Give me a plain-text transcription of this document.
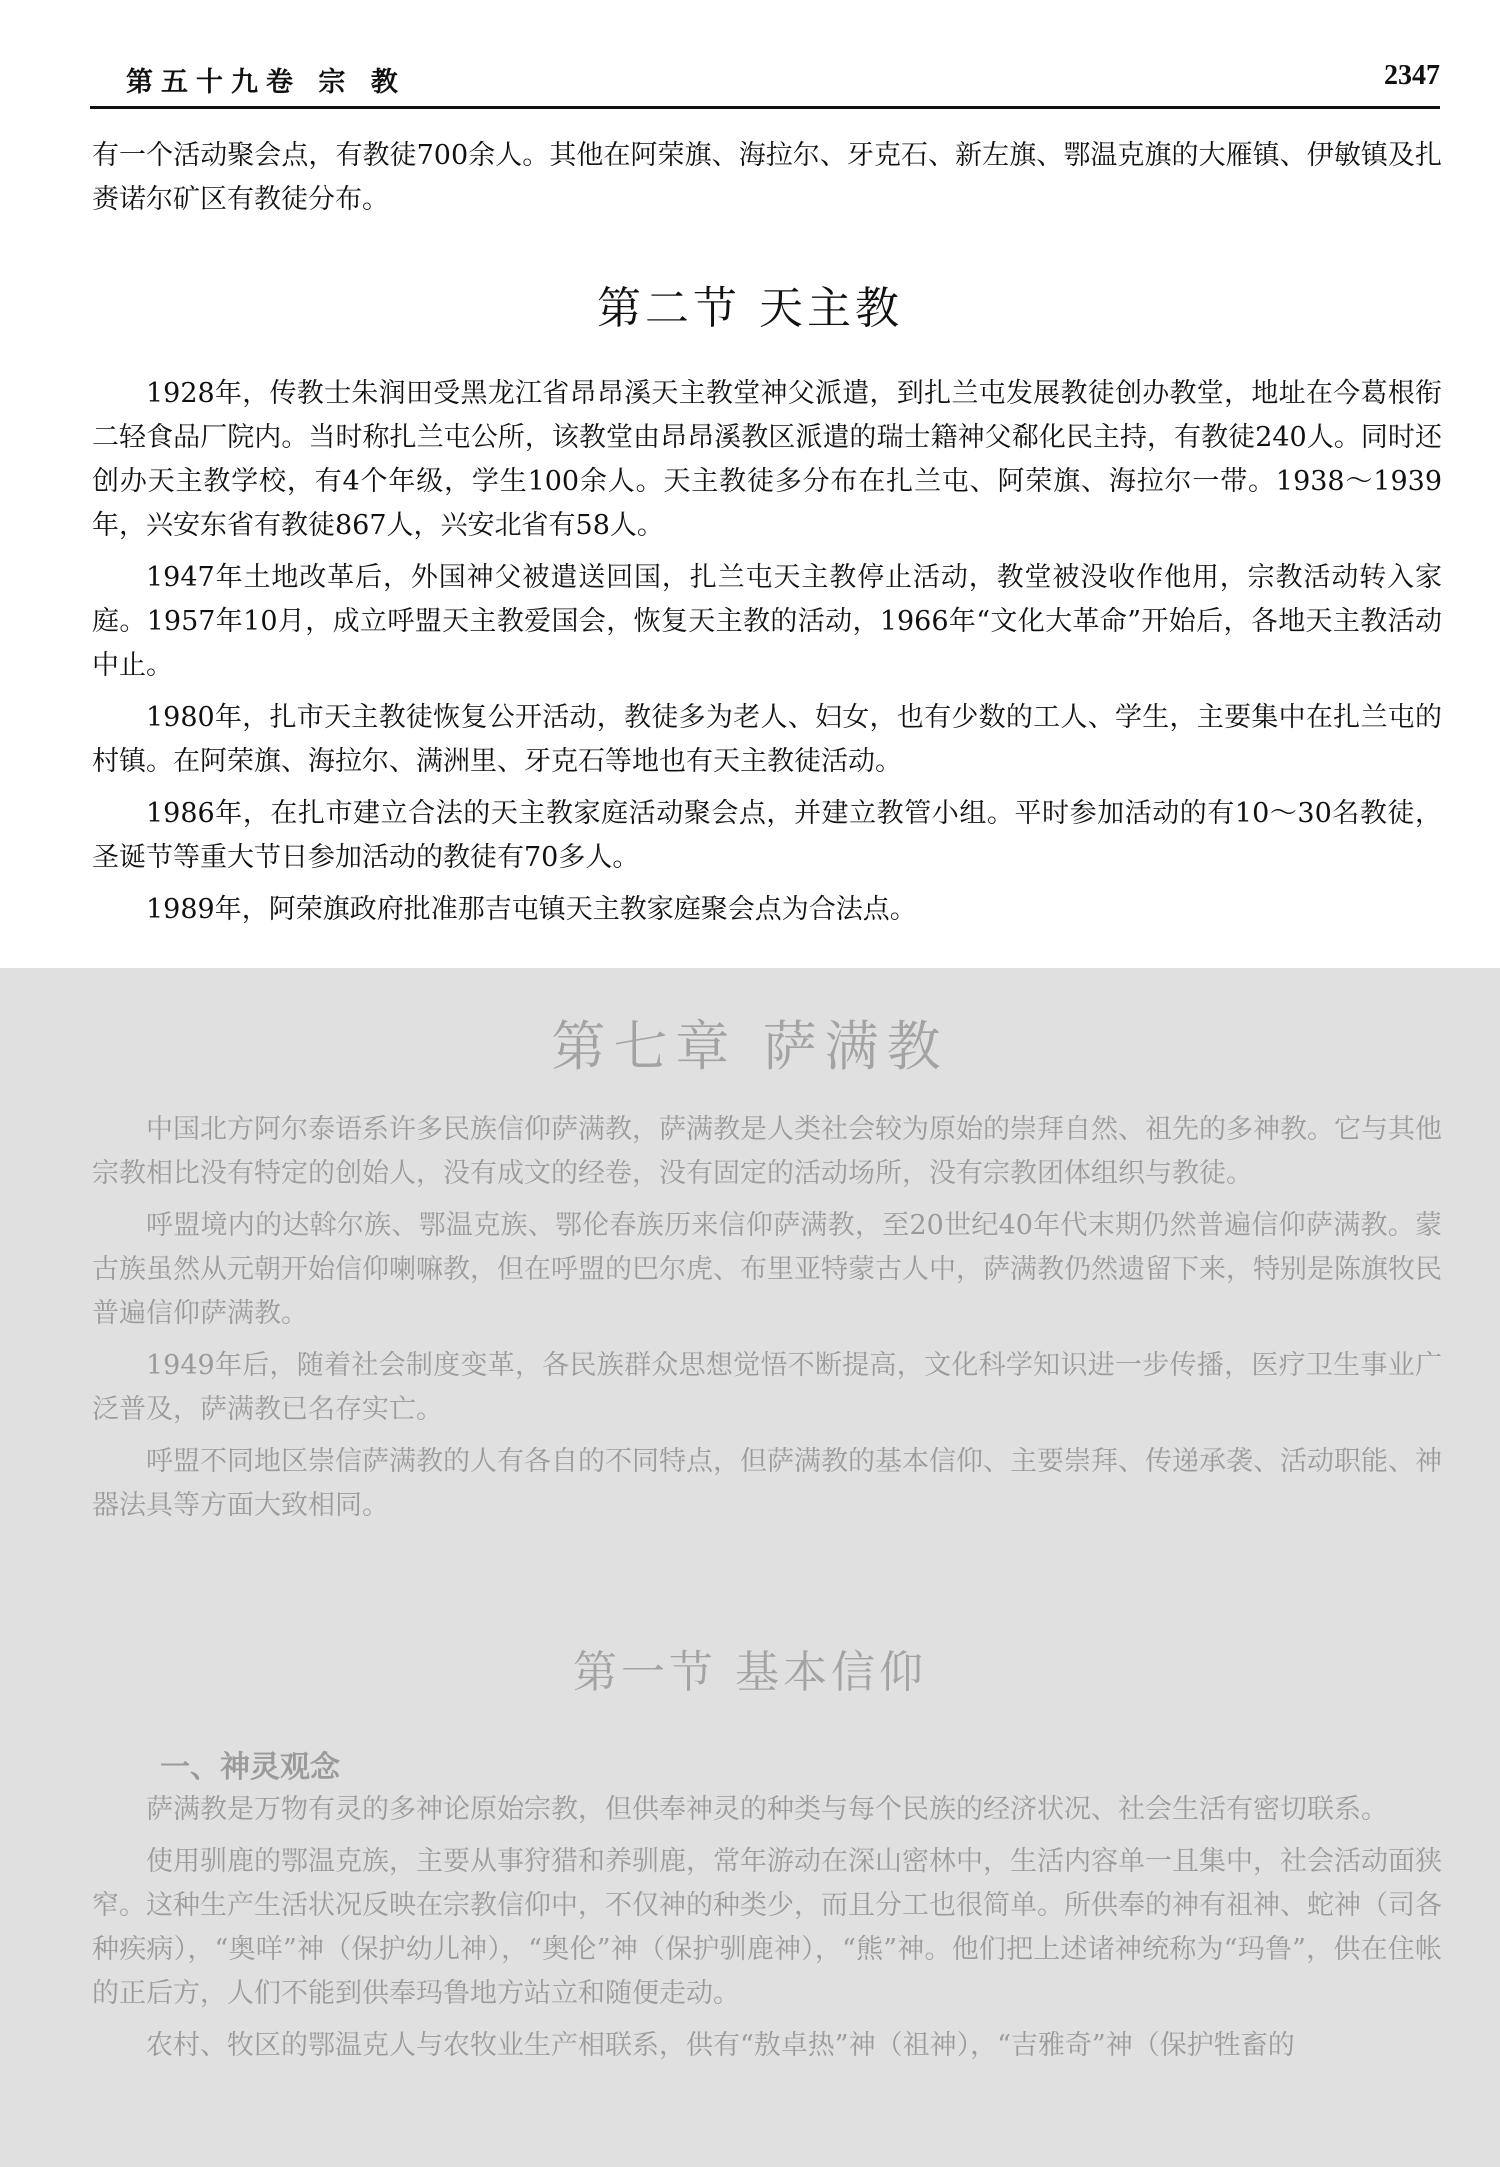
第五十九卷 宗 教	2347

有一个活动聚会点，有教徒700余人。其他在阿荣旗、海拉尔、牙克石、新左旗、鄂温克旗的大雁镇、伊敏镇及扎赉诺尔矿区有教徒分布。

第二节 天主教

1928年，传教士朱润田受黑龙江省昂昂溪天主教堂神父派遣，到扎兰屯发展教徒创办教堂，地址在今葛根衔二轻食品厂院内。当时称扎兰屯公所，该教堂由昂昂溪教区派遣的瑞士籍神父郗化民主持，有教徒240人。同时还创办天主教学校，有4个年级，学生100余人。天主教徒多分布在扎兰屯、阿荣旗、海拉尔一带。1938～1939年，兴安东省有教徒867人，兴安北省有58人。

1947年土地改革后，外国神父被遣送回国，扎兰屯天主教停止活动，教堂被没收作他用，宗教活动转入家庭。1957年10月，成立呼盟天主教爱国会，恢复天主教的活动，1966年“文化大革命”开始后，各地天主教活动中止。

1980年，扎市天主教徒恢复公开活动，教徒多为老人、妇女，也有少数的工人、学生，主要集中在扎兰屯的村镇。在阿荣旗、海拉尔、满洲里、牙克石等地也有天主教徒活动。

1986年，在扎市建立合法的天主教家庭活动聚会点，并建立教管小组。平时参加活动的有10～30名教徒，圣诞节等重大节日参加活动的教徒有70多人。

1989年，阿荣旗政府批准那吉屯镇天主教家庭聚会点为合法点。

第七章 萨满教

中国北方阿尔泰语系许多民族信仰萨满教，萨满教是人类社会较为原始的崇拜自然、祖先的多神教。它与其他宗教相比没有特定的创始人，没有成文的经卷，没有固定的活动场所，没有宗教团体组织与教徒。

呼盟境内的达斡尔族、鄂温克族、鄂伦春族历来信仰萨满教，至20世纪40年代末期仍然普遍信仰萨满教。蒙古族虽然从元朝开始信仰喇嘛教，但在呼盟的巴尔虎、布里亚特蒙古人中，萨满教仍然遗留下来，特别是陈旗牧民普遍信仰萨满教。

1949年后，随着社会制度变革，各民族群众思想觉悟不断提高，文化科学知识进一步传播，医疗卫生事业广泛普及，萨满教已名存实亡。

呼盟不同地区崇信萨满教的人有各自的不同特点，但萨满教的基本信仰、主要崇拜、传递承袭、活动职能、神器法具等方面大致相同。

第一节 基本信仰
一、神灵观念

萨满教是万物有灵的多神论原始宗教，但供奉神灵的种类与每个民族的经济状况、社会生活有密切联系。

使用驯鹿的鄂温克族，主要从事狩猎和养驯鹿，常年游动在深山密林中，生活内容单一且集中，社会活动面狭窄。这种生产生活状况反映在宗教信仰中，不仅神的种类少，而且分工也很简单。所供奉的神有祖神、蛇神（司各种疾病），“奥咩”神（保护幼儿神），“奥伦”神（保护驯鹿神），“熊”神。他们把上述诸神统称为“玛鲁”，供在住帐的正后方，人们不能到供奉玛鲁地方站立和随便走动。

农村、牧区的鄂温克人与农牧业生产相联系，供有“敖卓热”神（祖神），“吉雅奇”神（保护牲畜的
